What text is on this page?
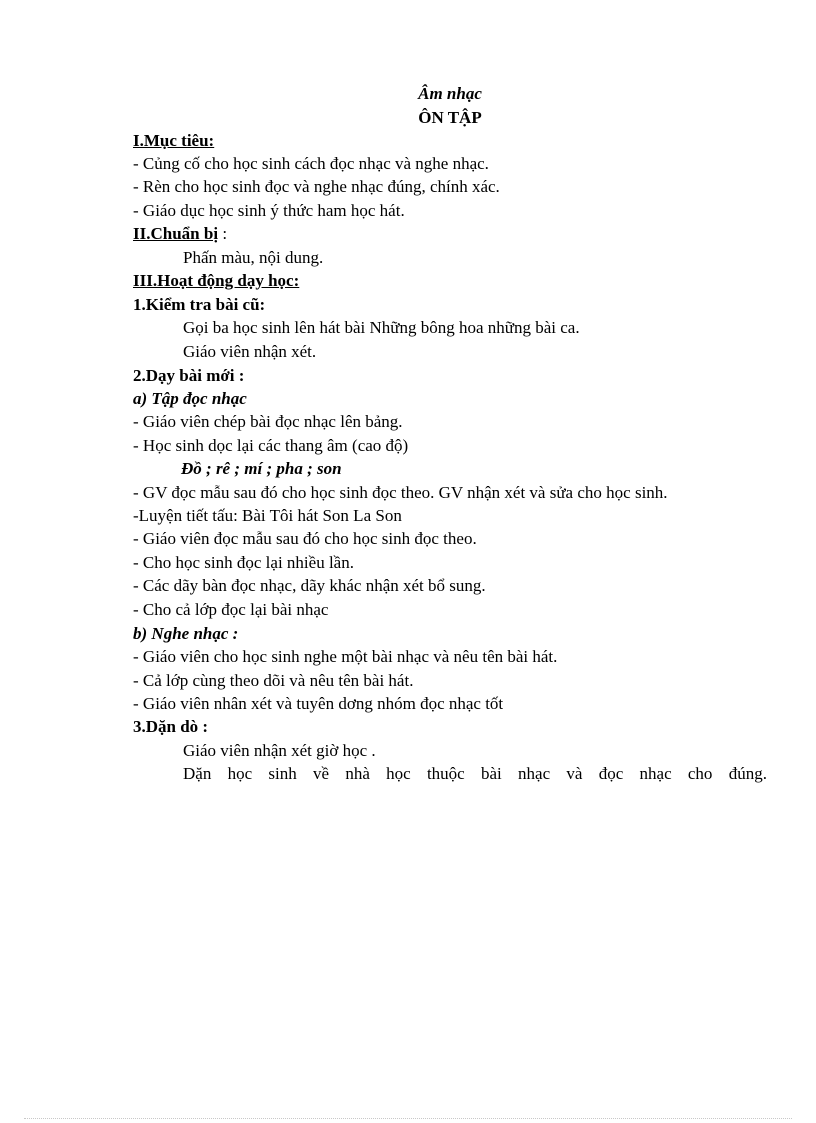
Âm nhạc
ÔN TẬP
I.Mục tiêu:
- Củng cố cho học sinh cách đọc nhạc và nghe nhạc.
- Rèn cho học sinh đọc và nghe nhạc đúng, chính xác.
- Giáo dục học sinh ý thức ham học hát.
II.Chuẩn bị :
Phấn màu, nội dung.
III.Hoạt động dạy học:
1.Kiểm tra bài cũ:
Gọi ba học sinh lên hát bài Những bông hoa những bài ca.
Giáo viên nhận xét.
2.Dạy bài mới :
a) Tập đọc nhạc
- Giáo viên chép bài đọc nhạc lên bảng.
- Học sinh dọc lại các thang âm (cao độ)
Đồ ; rê ; mí ; pha ; son
- GV đọc mẫu sau đó cho học sinh đọc theo. GV nhận xét và sửa cho học sinh.
-Luyện tiết tấu: Bài Tôi hát Son La Son
- Giáo viên đọc mẫu sau đó cho học sinh đọc theo.
- Cho học sinh đọc lại nhiều lần.
- Các dãy bàn đọc nhạc, dãy khác nhận xét bổ sung.
- Cho cả lớp đọc lại bài nhạc
b) Nghe nhạc :
- Giáo viên cho học sinh nghe một bài nhạc và nêu tên bài hát.
- Cả lớp cùng theo dõi và nêu tên bài hát.
- Giáo viên nhân xét và tuyên dơng nhóm đọc nhạc tốt
3.Dặn dò :
Giáo viên nhận xét giờ học .
Dặn học sinh về nhà học thuộc bài nhạc và đọc nhạc cho đúng.
